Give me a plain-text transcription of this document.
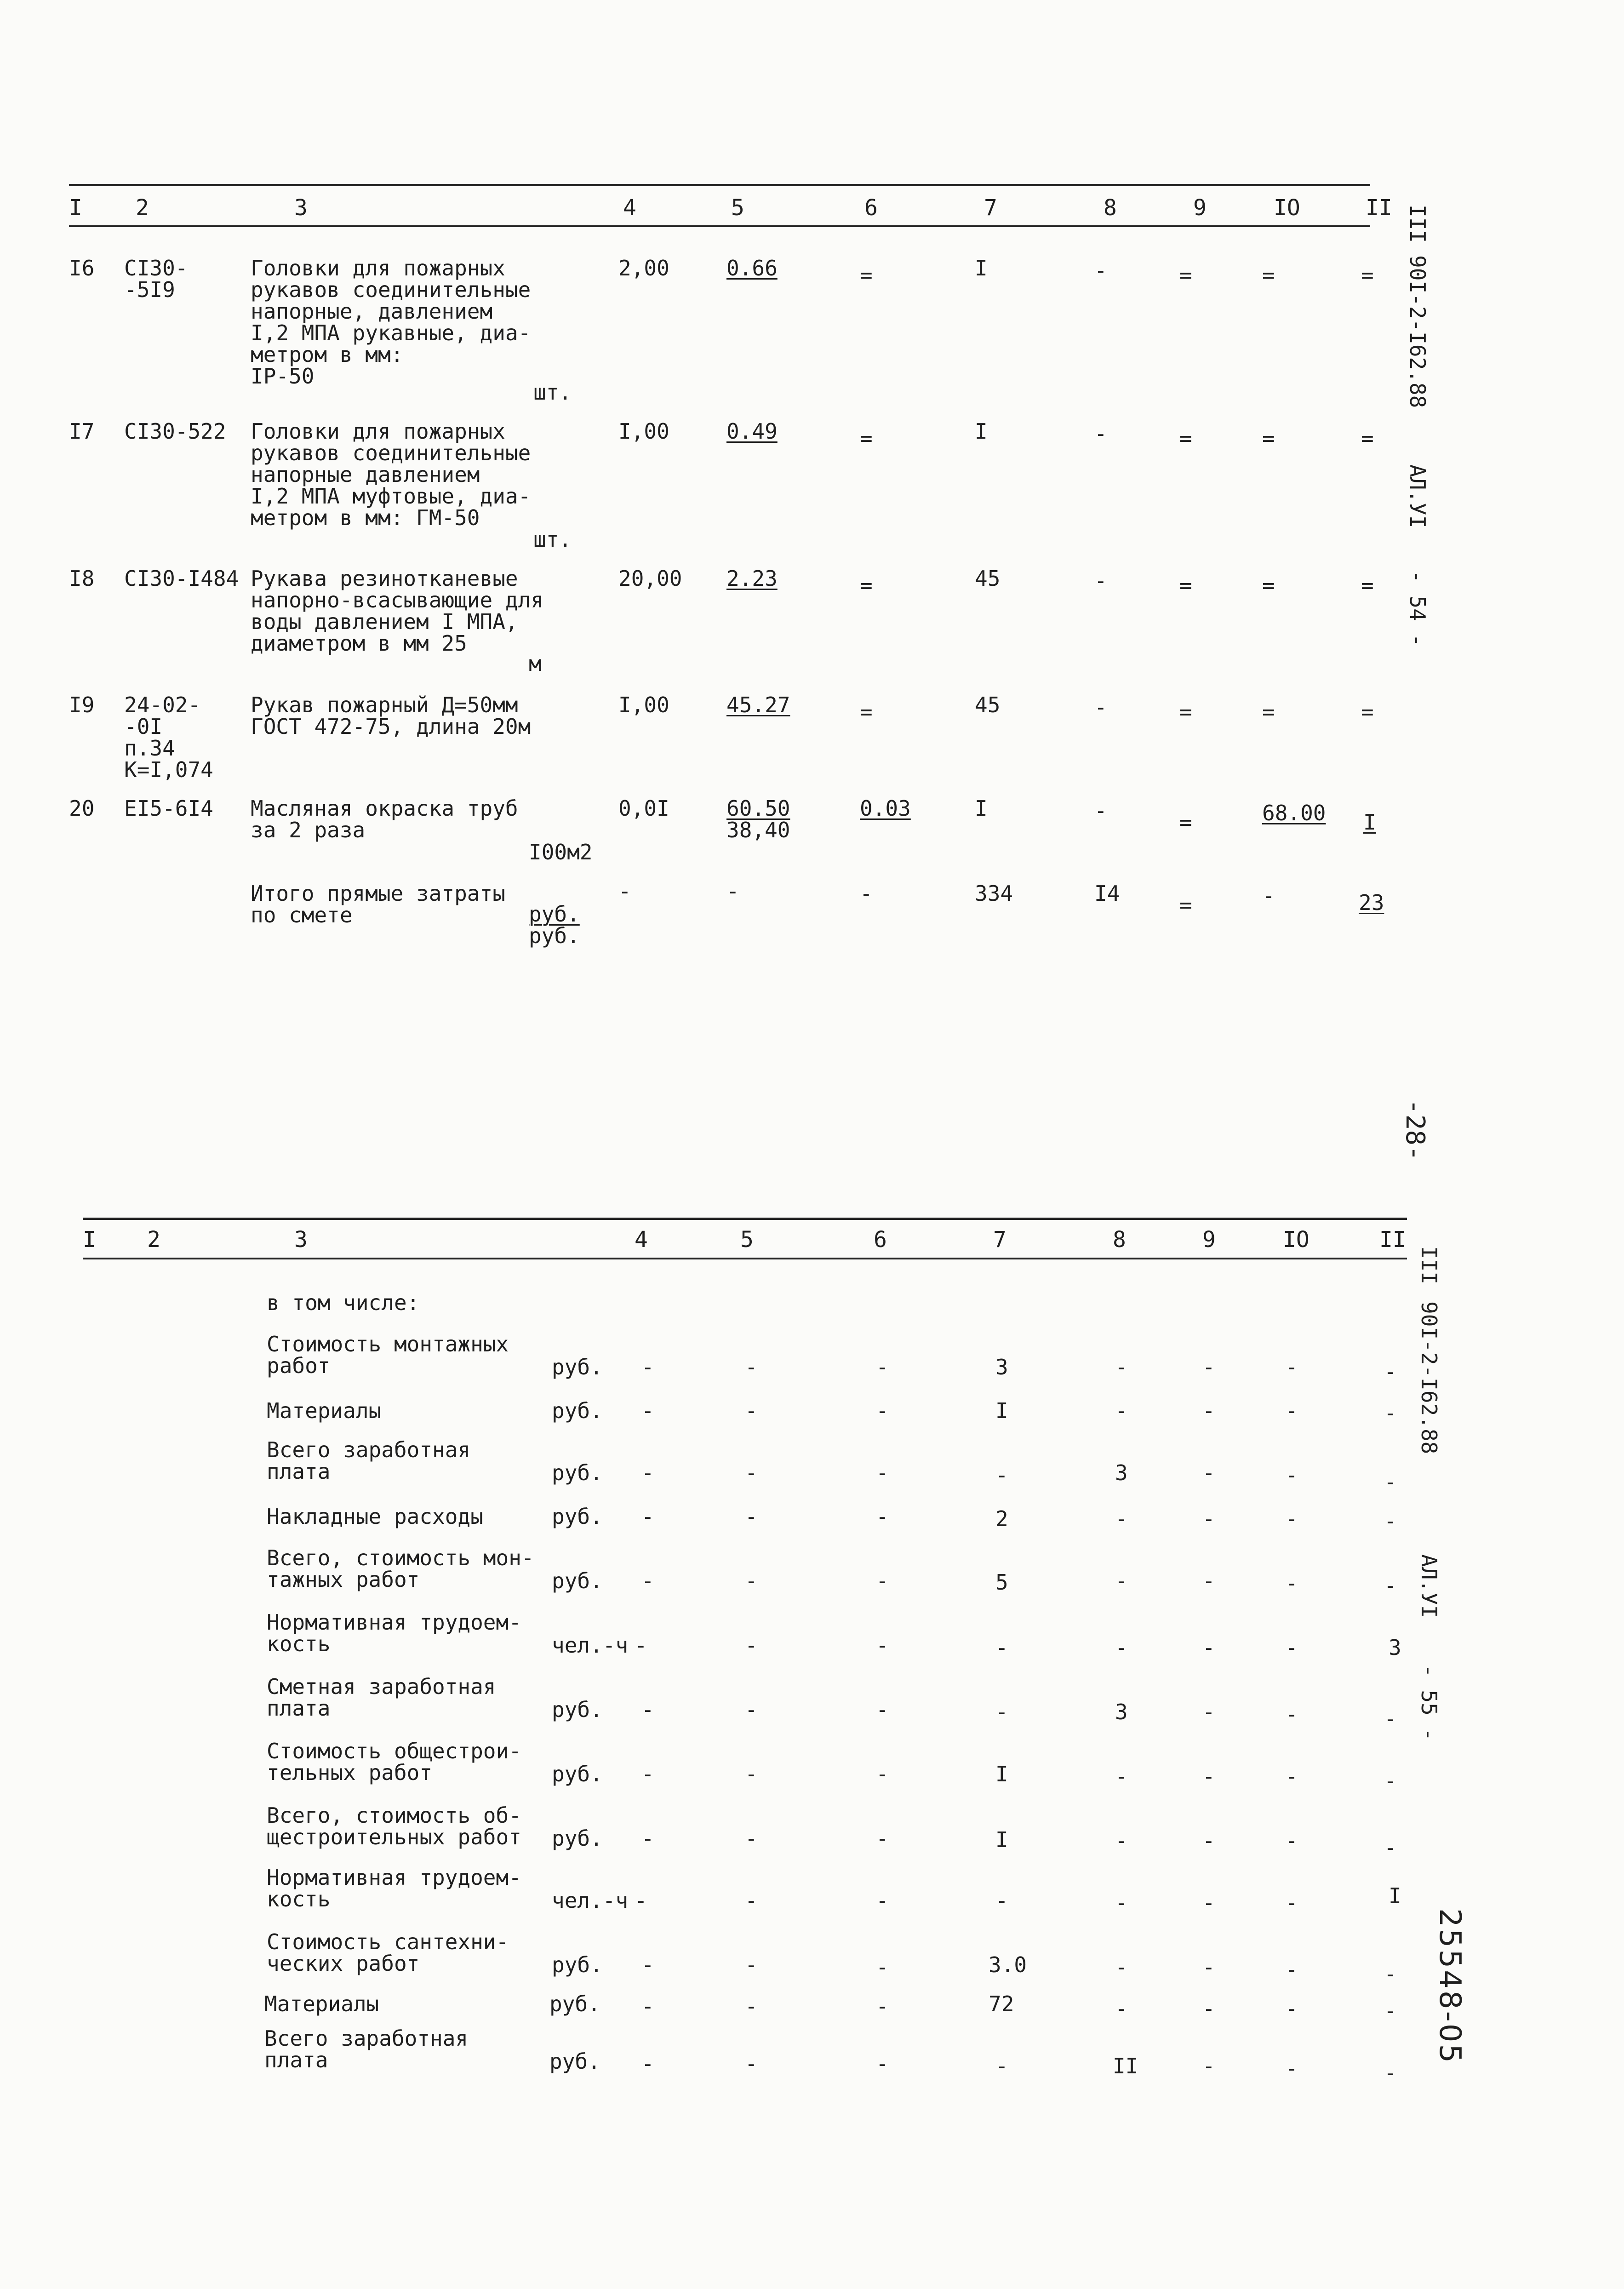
I 2	3	4	5	6	7	8	9	IO	II
I6 CI30-
-5I9
Головки для пожарных
рукавов соединительные
напорные, давлением
I,2 МПА рукавные, диа-
метром в мм:
IP-50
шт.
2,00	0.66	=	I	-	=	=	=
I7 CI30-522 Головки для пожарных
рукавов соединительные
напорные давлением
I,2 МПА муфтовые, диа-
метром в мм: ГМ-50
шт.
I,00	0.49	=	I	-	=	=	=
I8 CI30-I484 Рукава резинотканевые
напорно-всасывающие для
воды давлением I МПА,
диаметром в мм 25
м
20,00 2.23	=	45	-	=	=	=
I9 24-02-
-0I
п.34
К=I,074
Рукав пожарный Д=50мм
ГОСТ 472-75, длина 20м
I,00	45.27	=	45	-	=	=	=
20 EI5-6I4 Масляная окраска труб
за 2 раза
I00м2
0,0I	60.50
38,40
0.03	I	-	=	68.00 I
Итого прямые затраты
по смете	руб.
руб.
-	-	-	334	I4	=	-	23
III
90I-2-I62.88
АЛ.УI
- 54 -
-28-
I 2	3	4	5	6	7	8	9	IO	II
в том числе:
Стоимость монтажных
работ	руб. -	-	-	3	-	-	-	-
Материалы	руб. -	-	-	I	-	-	-	-
Всего заработная
плата	руб. -	-	-	-	3	-	-	-
Накладные расходы	руб. -	-	-	2	-	-	-	-
Всего, стоимость мон-
тажных работ	руб. -	-	-	5	-	-	-	-
Нормативная трудоем-
кость	чел.-ч -	-	-	-	-	-	-	3
Сметная заработная
плата	руб. -	-	-	-	3	-	-	-
Стоимость общестрои-
тельных работ	руб. -	-	-	I	-	-	-	-
Всего, стоимость об-
щестроительных работ руб. -	-	-	I	-	-	-	-
Нормативная трудоем-
кость	чел.-ч -	-	-	-	-	-	-	I
Стоимость сантехни-
ческих работ	руб. -	-	-	3.0	-	-	-	-
Материалы	руб. -	-	-	72	-	-	-	-
Всего заработная
плата	руб. -	-	-	-	II	-	-	-
III
90I-2-I62.88
АЛ.УI
- 55 -
25548-05
